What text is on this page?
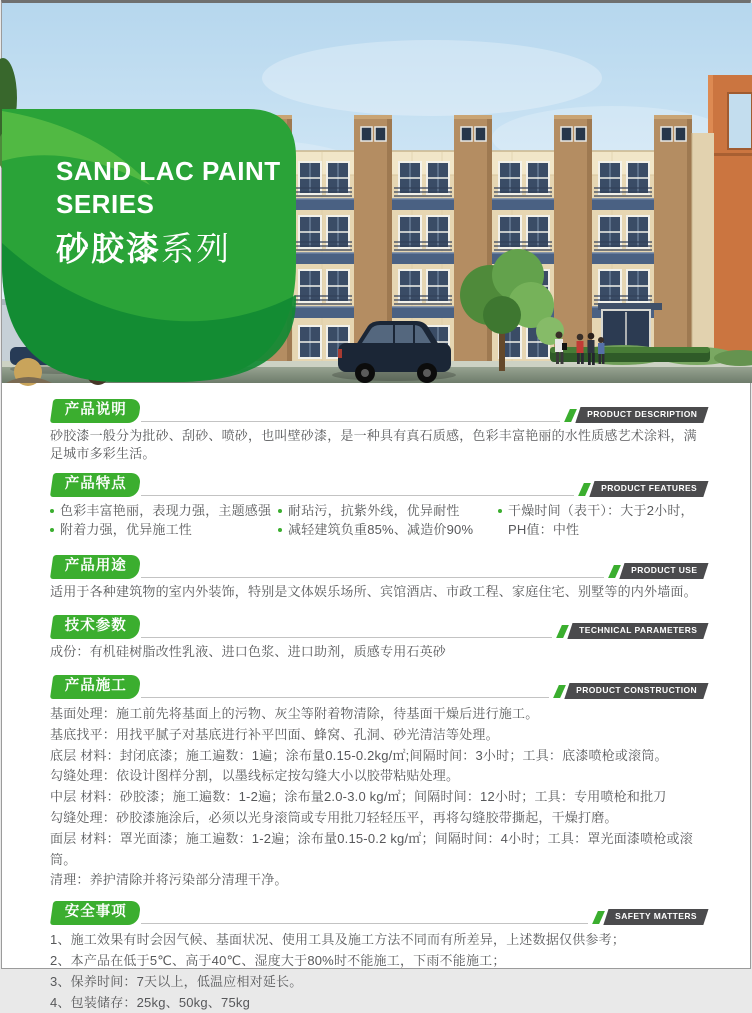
SAND LAC PAINT
SERIES
砂胶漆系列
产品说明	PRODUCT DESCRIPTION
砂胶漆一般分为批砂、刮砂、喷砂，也叫壁砂漆，是一种具有真石质感，色彩丰富艳丽的水性质感艺术涂料，满足城市多彩生活。
产品特点	PRODUCT FEATURES
色彩丰富艳丽，表现力强，主题感强
附着力强，优异施工性
耐玷污，抗紫外线，优异耐性
减轻建筑负重85%、减造价90%
干燥时间（表干）：大于2小时，PH值：中性
产品用途	PRODUCT USE
适用于各种建筑物的室内外装饰，特别是文体娱乐场所、宾馆酒店、市政工程、家庭住宅、别墅等的内外墙面。
技术参数	TECHNICAL PARAMETERS
成份：有机硅树脂改性乳液、进口色浆、进口助剂，质感专用石英砂
产品施工	PRODUCT CONSTRUCTION
基面处理：施工前先将基面上的污物、灰尘等附着物清除，待基面干燥后进行施工。
基底找平：用找平腻子对基底进行补平凹面、蜂窝、孔洞、砂光清洁等处理。
底层 材料：封闭底漆；施工遍数：1遍；涂布量0.15-0.2kg/㎡;间隔时间：3小时；工具：底漆喷枪或滚筒。
勾缝处理：依设计图样分割，以墨线标定按勾缝大小以胶带粘贴处理。
中层 材料：砂胶漆；施工遍数：1-2遍；涂布量2.0-3.0 kg/㎡；间隔时间：12小时；工具：专用喷枪和批刀
勾缝处理：砂胶漆施涂后，必须以光身滚筒或专用批刀轻轻压平，再将勾缝胶带撕起，干燥打磨。
面层 材料：罩光面漆；施工遍数：1-2遍；涂布量0.15-0.2 kg/㎡；间隔时间：4小时；工具：罩光面漆喷枪或滚筒。
清理：养护清除并将污染部分清理干净。
安全事项	SAFETY MATTERS
1、施工效果有时会因气候、基面状况、使用工具及施工方法不同而有所差异，上述数据仅供参考；
2、本产品在低于5℃、高于40℃、湿度大于80%时不能施工，下雨不能施工；
3、保养时间：7天以上，低温应相对延长。
4、包装储存：25kg、50kg、75kg
